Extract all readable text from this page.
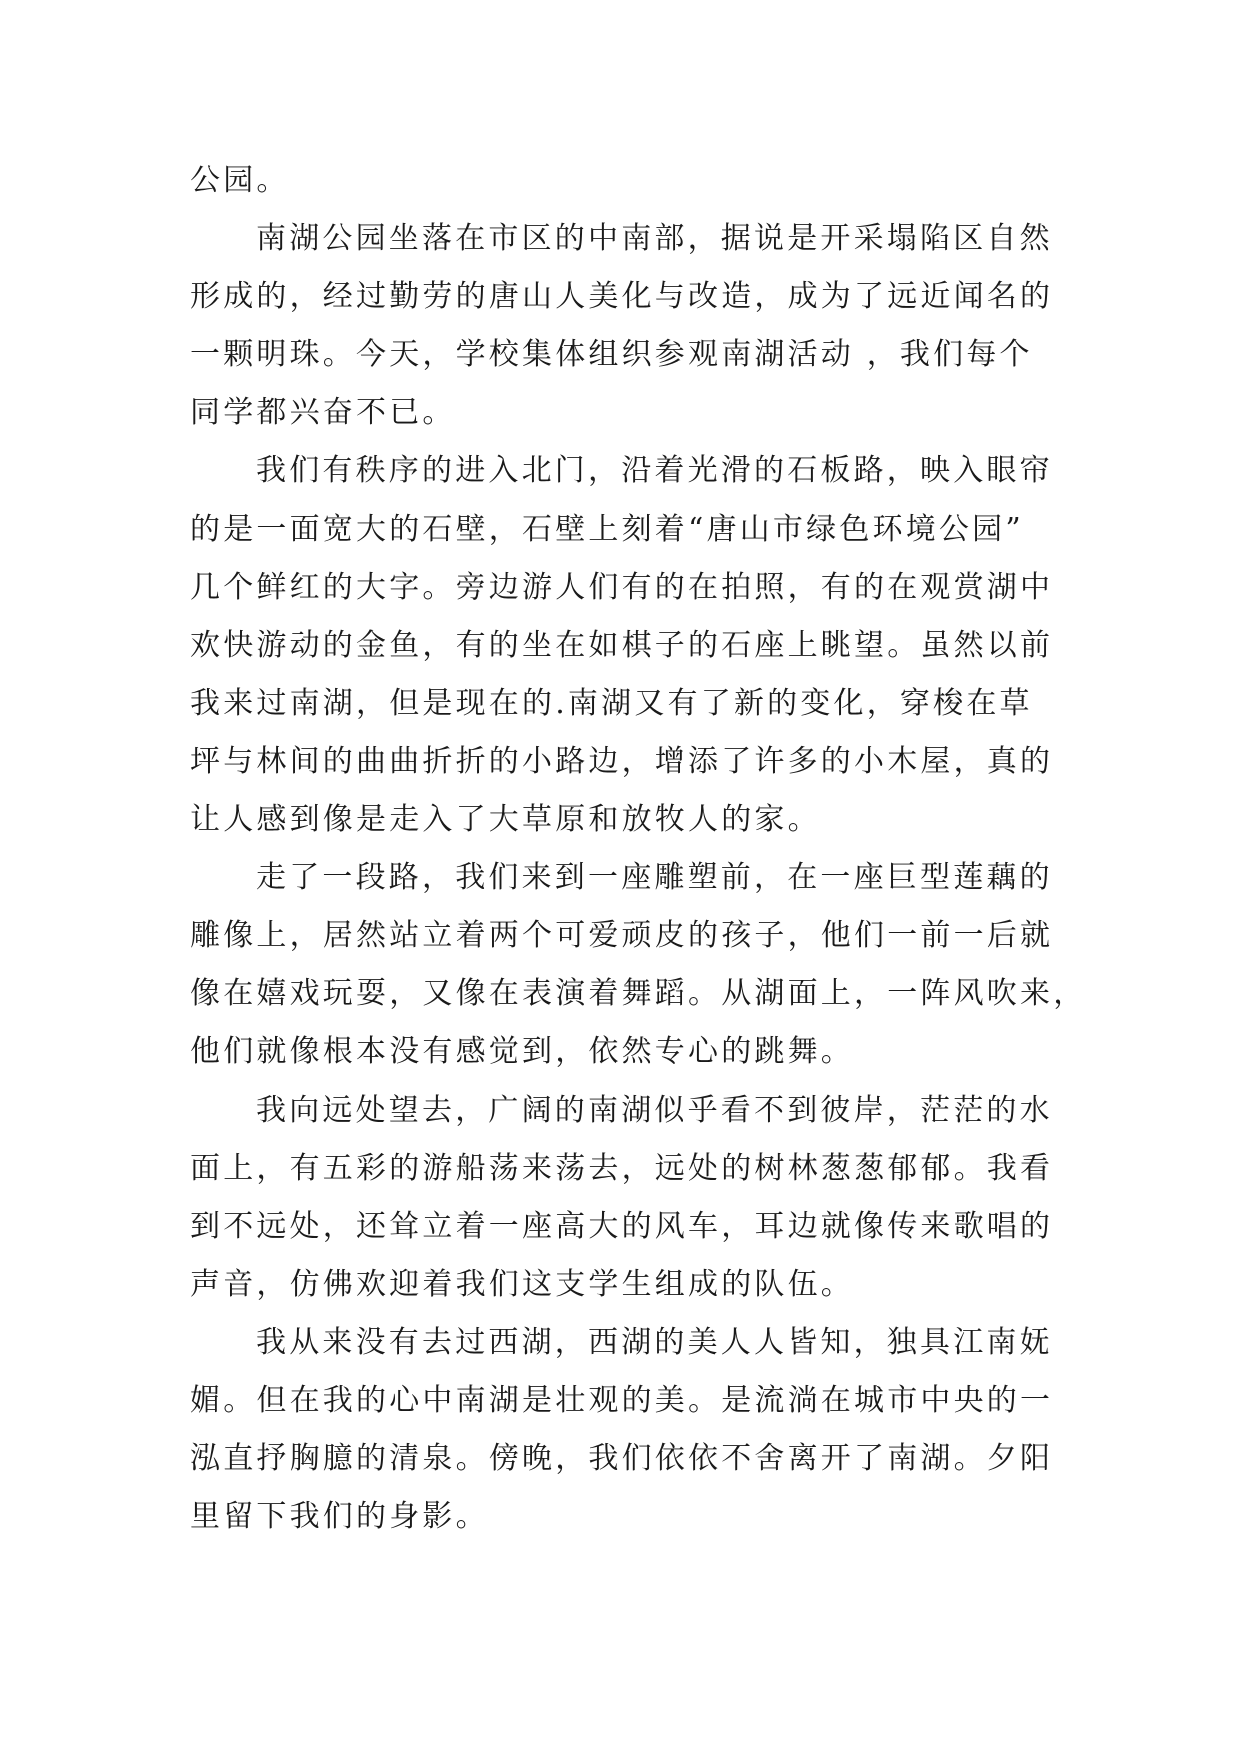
公园。
南湖公园坐落在市区的中南部，据说是开采塌陷区自然
形成的，经过勤劳的唐山人美化与改造，成为了远近闻名的
一颗明珠。今天，学校集体组织参观南湖活动 ，我们每个
同学都兴奋不已。
我们有秩序的进入北门，沿着光滑的石板路，映入眼帘
的是一面宽大的石壁，石壁上刻着“唐山市绿色环境公园”
几个鲜红的大字。旁边游人们有的在拍照，有的在观赏湖中
欢快游动的金鱼，有的坐在如棋子的石座上眺望。虽然以前
我来过南湖，但是现在的.南湖又有了新的变化，穿梭在草
坪与林间的曲曲折折的小路边，增添了许多的小木屋，真的
让人感到像是走入了大草原和放牧人的家。
走了一段路，我们来到一座雕塑前，在一座巨型莲藕的
雕像上，居然站立着两个可爱顽皮的孩子，他们一前一后就
像在嬉戏玩耍，又像在表演着舞蹈。从湖面上，一阵风吹来，
他们就像根本没有感觉到，依然专心的跳舞。
我向远处望去，广阔的南湖似乎看不到彼岸，茫茫的水
面上，有五彩的游船荡来荡去，远处的树林葱葱郁郁。我看
到不远处，还耸立着一座高大的风车，耳边就像传来歌唱的
声音，仿佛欢迎着我们这支学生组成的队伍。
我从来没有去过西湖，西湖的美人人皆知，独具江南妩
媚。但在我的心中南湖是壮观的美。是流淌在城市中央的一
泓直抒胸臆的清泉。傍晚，我们依依不舍离开了南湖。夕阳
里留下我们的身影。
